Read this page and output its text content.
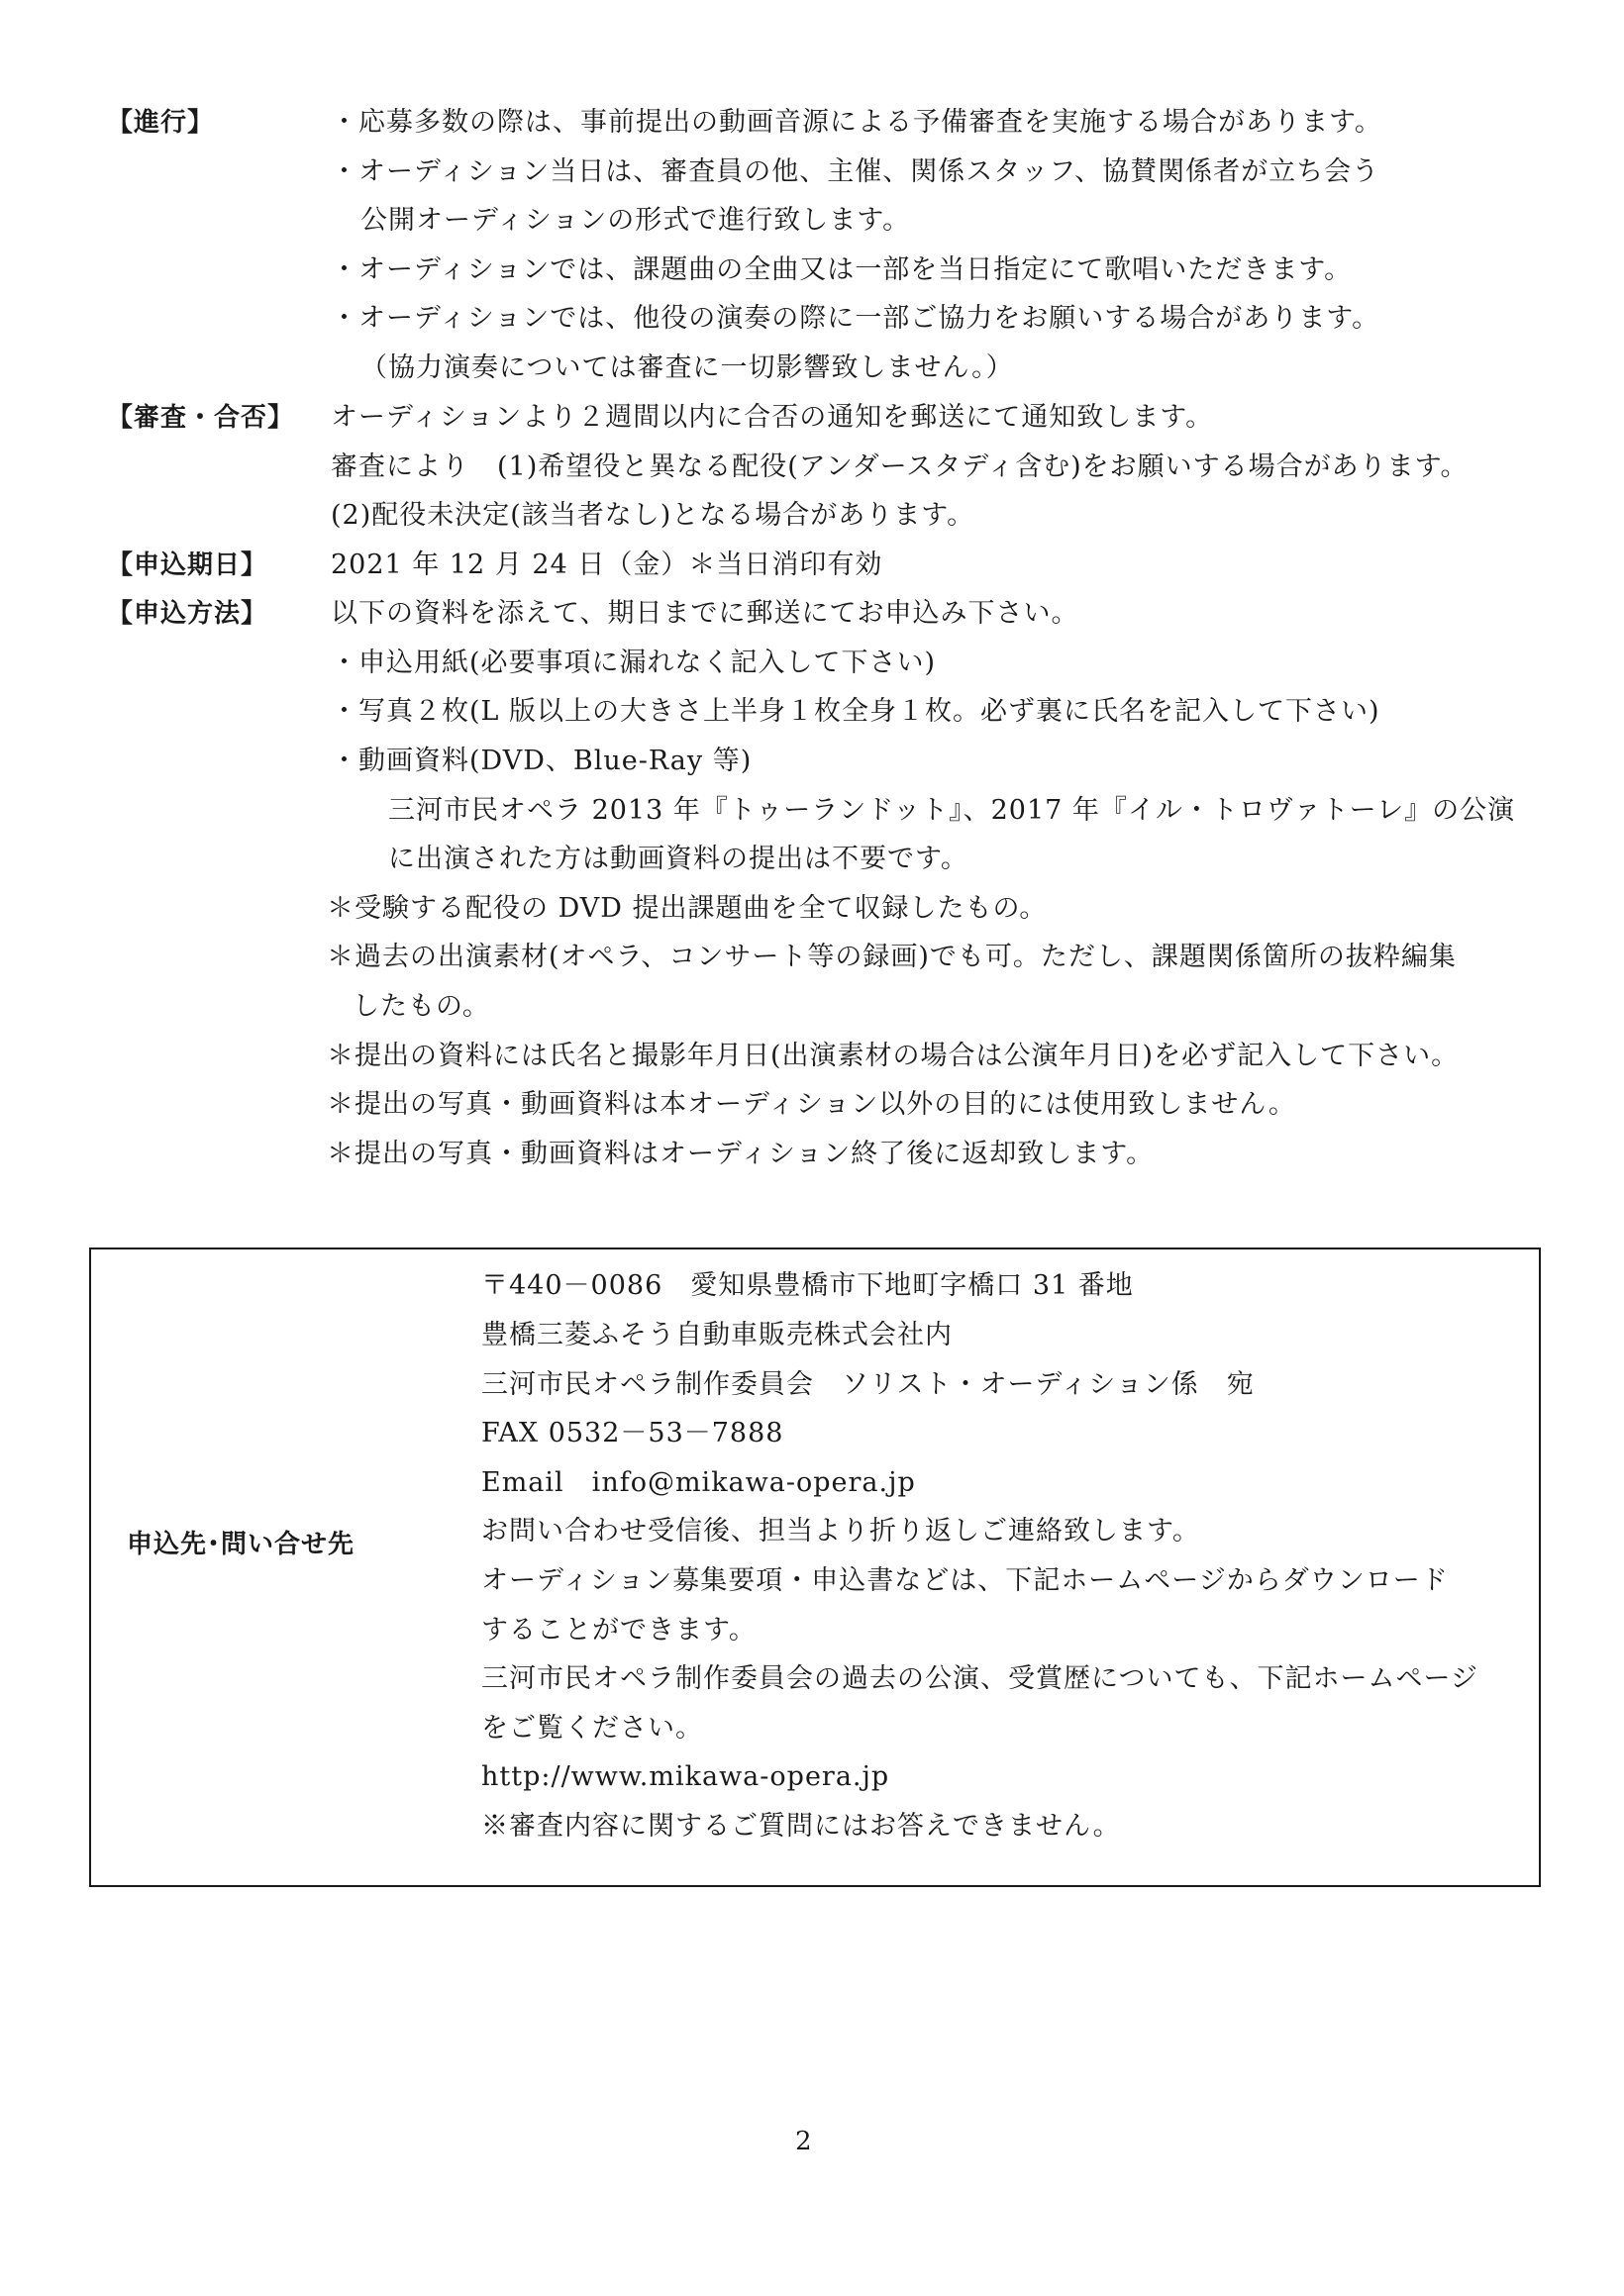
【進行】	・応募多数の際は、事前提出の動画音源による予備審査を実施する場合があります。
・オーディション当日は、審査員の他、主催、関係スタッフ、協賛関係者が立ち会う
公開オーディションの形式で進行致します。
・オーディションでは、課題曲の全曲又は一部を当日指定にて歌唱いただきます。
・オーディションでは、他役の演奏の際に一部ご協力をお願いする場合があります。
（協力演奏については審査に一切影響致しません。）
【審査・合否】 オーディションより２週間以内に合否の通知を郵送にて通知致します。
審査により　(1)希望役と異なる配役(アンダースタディ含む)をお願いする場合があります。
(2)配役未決定(該当者なし)となる場合があります。
【申込期日】 2021 年 12 月 24 日（金）＊当日消印有効
【申込方法】 以下の資料を添えて、期日までに郵送にてお申込み下さい。
・申込用紙(必要事項に漏れなく記入して下さい)
・写真２枚(L 版以上の大きさ上半身１枚全身１枚。必ず裏に氏名を記入して下さい)
・動画資料(DVD、Blue‐Ray 等)
三河市民オペラ 2013 年『トゥーランドット』、2017 年『イル・トロヴァトーレ』の公演
に出演された方は動画資料の提出は不要です。
＊受験する配役の DVD 提出課題曲を全て収録したもの。
＊過去の出演素材(オペラ、コンサート等の録画)でも可。ただし、課題関係箇所の抜粋編集
したもの。
＊提出の資料には氏名と撮影年月日(出演素材の場合は公演年月日)を必ず記入して下さい。
＊提出の写真・動画資料は本オーディション以外の目的には使用致しません。
＊提出の写真・動画資料はオーディション終了後に返却致します。
申込先･問い合せ先
〒440－0086　愛知県豊橋市下地町字橋口 31 番地
豊橋三菱ふそう自動車販売株式会社内
三河市民オペラ制作委員会　ソリスト・オーディション係　宛
FAX 0532－53－7888
Email　info@mikawa-opera.jp
お問い合わせ受信後、担当より折り返しご連絡致します。
オーディション募集要項・申込書などは、下記ホームページからダウンロード
することができます。
三河市民オペラ制作委員会の過去の公演、受賞歴についても、下記ホームページ
をご覧ください。
http://www.mikawa-opera.jp
※審査内容に関するご質問にはお答えできません。
2
